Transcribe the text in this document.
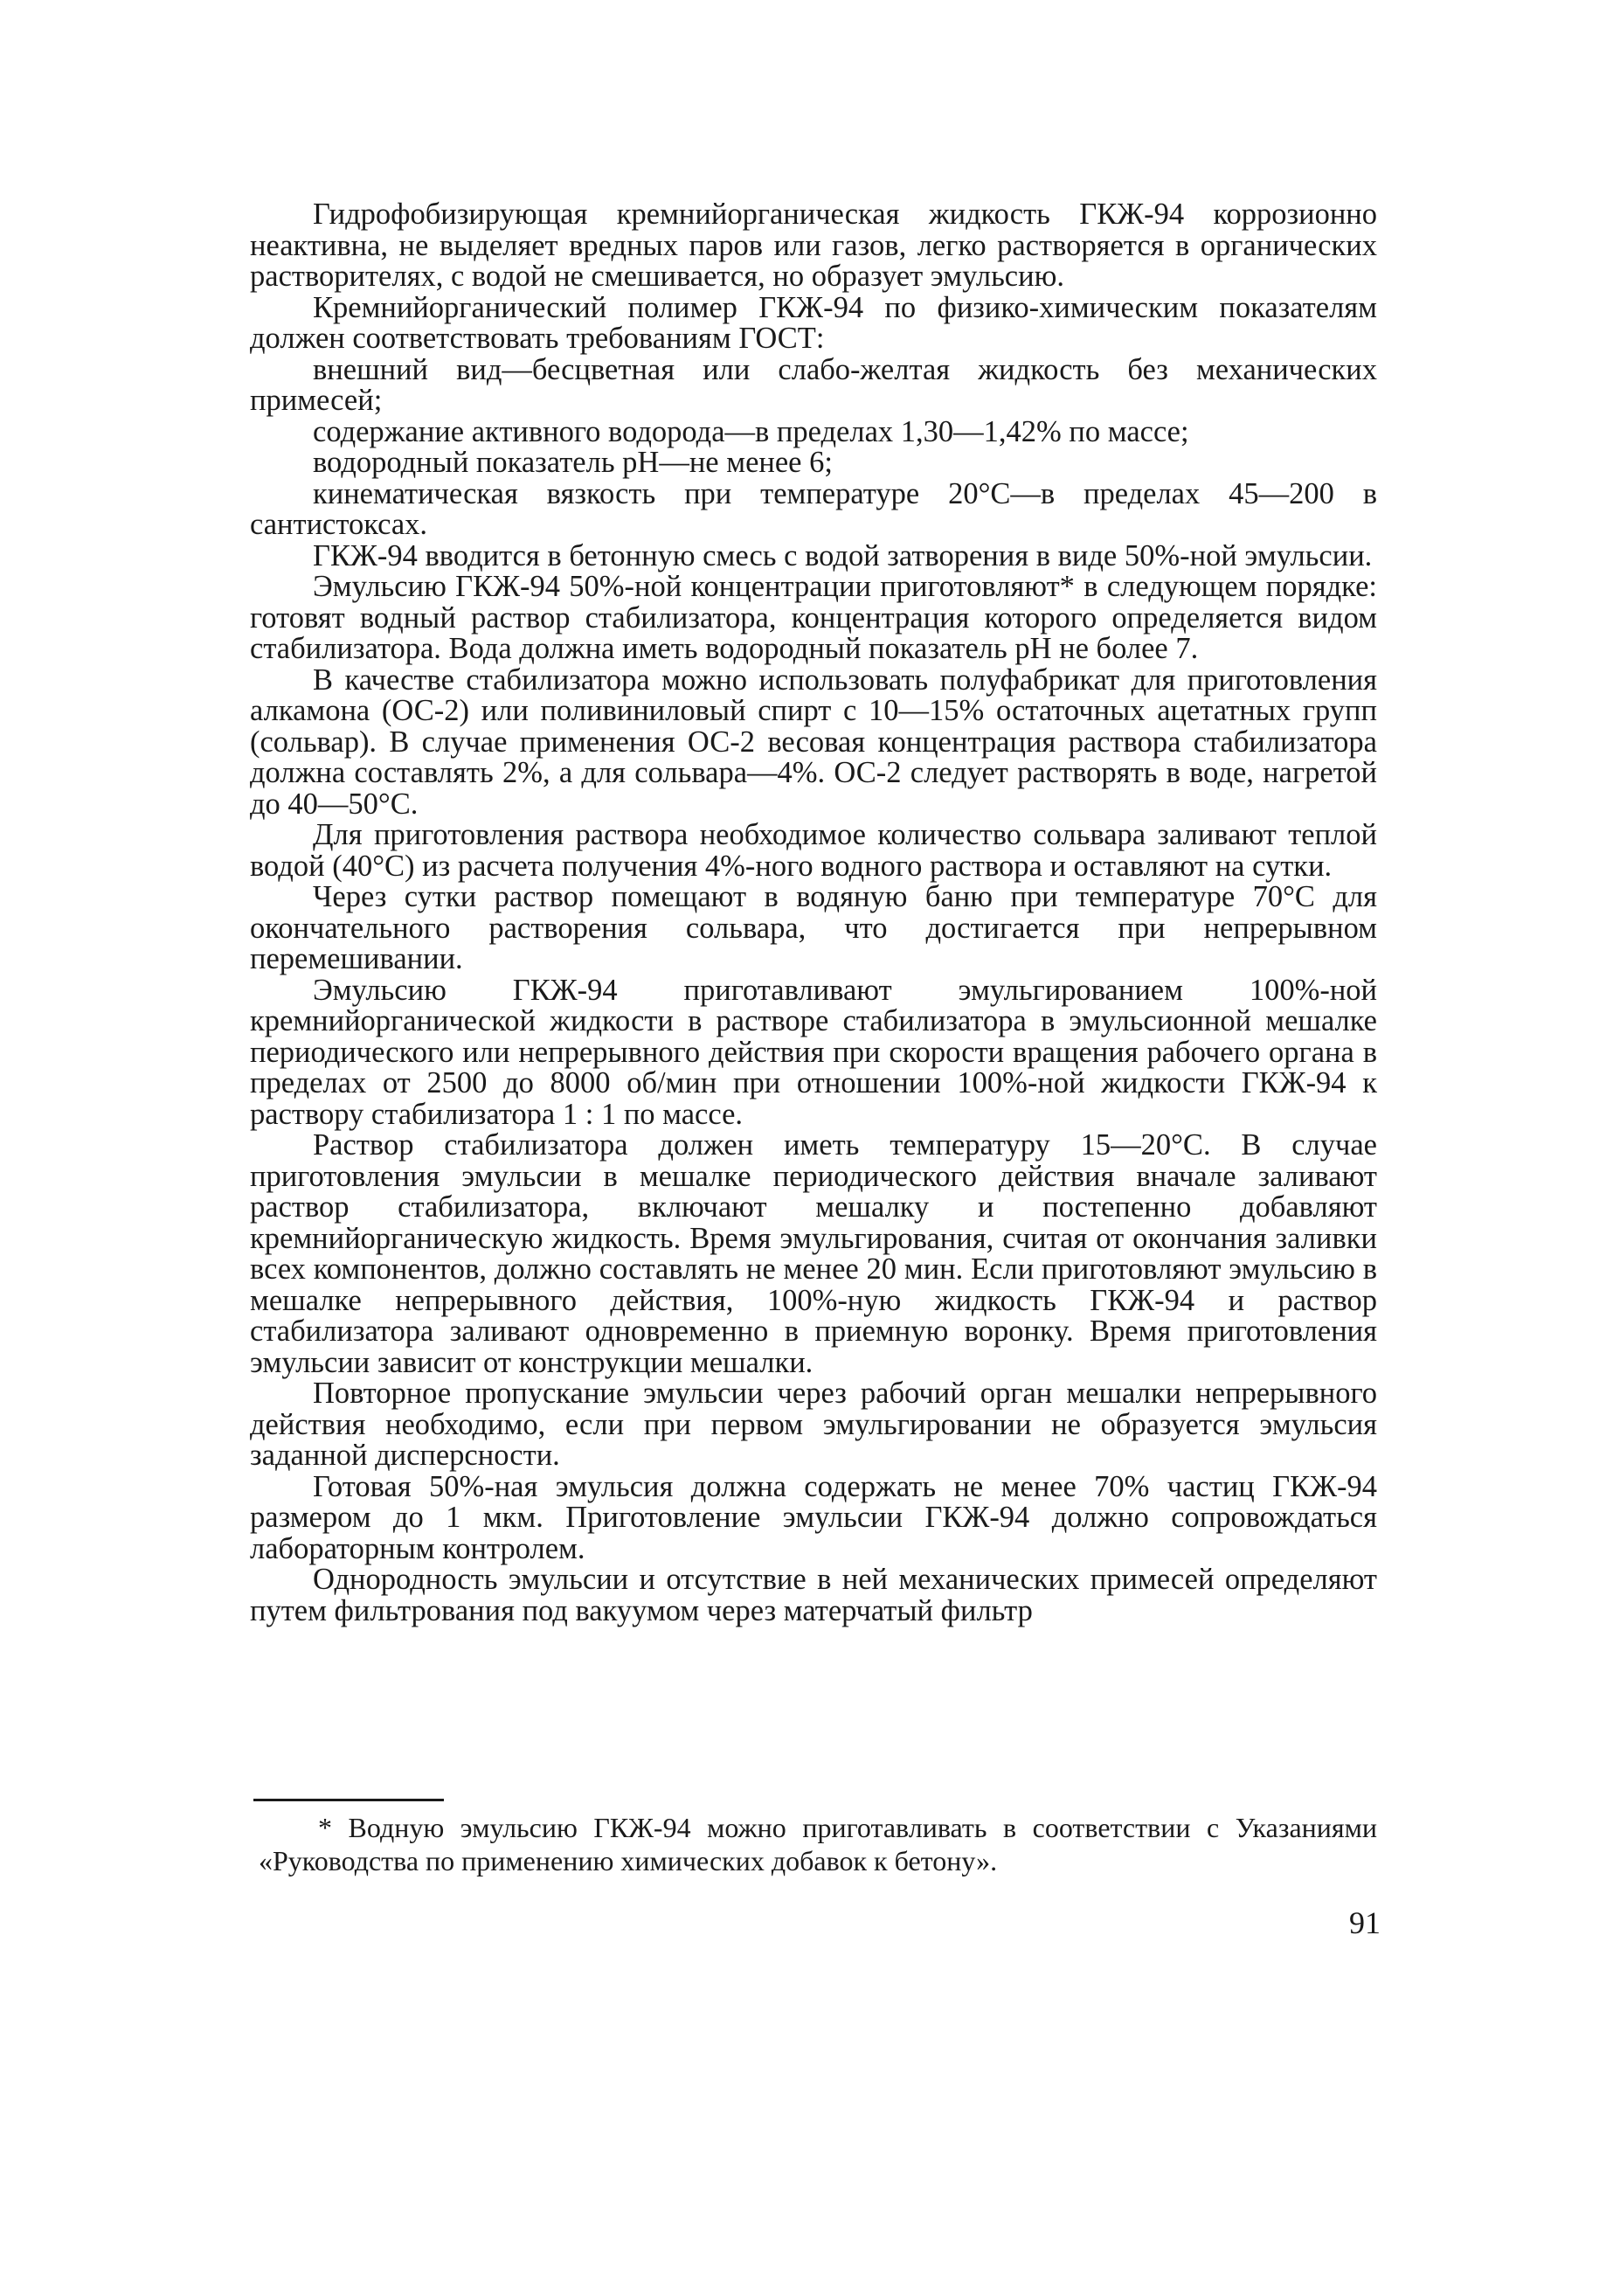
Гидрофобизирующая кремнийорганическая жидкость ГКЖ-94 коррозионно неактивна, не выделяет вредных паров или газов, легко растворяется в органических растворителях, с водой не смешивается, но образует эмульсию.

Кремнийорганический полимер ГКЖ-94 по физико-химическим показателям должен соответствовать требованиям ГОСТ:

внешний вид—бесцветная или слабо-желтая жидкость без механических примесей;

содержание активного водорода—в пределах 1,30—1,42% по массе;

водородный показатель pH—не менее 6;

кинематическая вязкость при температуре 20°С—в пределах 45—200 в сантистоксах.

ГКЖ-94 вводится в бетонную смесь с водой затворения в виде 50%-ной эмульсии.

Эмульсию ГКЖ-94 50%-ной концентрации приготовляют* в следующем порядке: готовят водный раствор стабилизатора, концентрация которого определяется видом стабилизатора. Вода должна иметь водородный показатель pH не более 7.

В качестве стабилизатора можно использовать полуфабрикат для приготовления алкамона (ОС-2) или поливиниловый спирт с 10—15% остаточных ацетатных групп (сольвар). В случае применения ОС-2 весовая концентрация раствора стабилизатора должна составлять 2%, а для сольвара—4%. ОС-2 следует растворять в воде, нагретой до 40—50°С.

Для приготовления раствора необходимое количество сольвара заливают теплой водой (40°С) из расчета получения 4%-ного водного раствора и оставляют на сутки.

Через сутки раствор помещают в водяную баню при температуре 70°С для окончательного растворения сольвара, что достигается при непрерывном перемешивании.

Эмульсию ГКЖ-94 приготавливают эмульгированием 100%-ной кремнийорганической жидкости в растворе стабилизатора в эмульсионной мешалке периодического или непрерывного действия при скорости вращения рабочего органа в пределах от 2500 до 8000 об/мин при отношении 100%-ной жидкости ГКЖ-94 к раствору стабилизатора 1 : 1 по массе.

Раствор стабилизатора должен иметь температуру 15—20°С. В случае приготовления эмульсии в мешалке периодического действия вначале заливают раствор стабилизатора, включают мешалку и постепенно добавляют кремнийорганическую жидкость. Время эмульгирования, считая от окончания заливки всех компонентов, должно составлять не менее 20 мин. Если приготовляют эмульсию в мешалке непрерывного действия, 100%-ную жидкость ГКЖ-94 и раствор стабилизатора заливают одновременно в приемную воронку. Время приготовления эмульсии зависит от конструкции мешалки.

Повторное пропускание эмульсии через рабочий орган мешалки непрерывного действия необходимо, если при первом эмульгировании не образуется эмульсия заданной дисперсности.

Готовая 50%-ная эмульсия должна содержать не менее 70% частиц ГКЖ-94 размером до 1 мкм. Приготовление эмульсии ГКЖ-94 должно сопровождаться лабораторным контролем.

Однородность эмульсии и отсутствие в ней механических примесей определяют путем фильтрования под вакуумом через матерчатый фильтр

* Водную эмульсию ГКЖ-94 можно приготавливать в соответствии с Указаниями «Руководства по применению химических добавок к бетону».

91
